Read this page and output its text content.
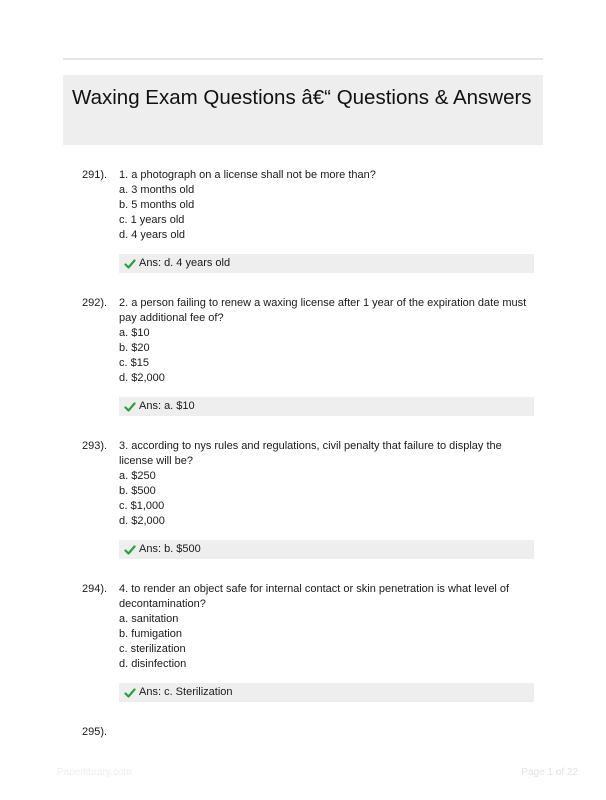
Waxing Exam Questions â€“ Questions & Answers
291). 1. a photograph on a license shall not be more than?

a. 3 months old

b. 5 months old

c. 1 years old

d. 4 years old

Ans: d. 4 years old
292). 2. a person failing to renew a waxing license after 1 year of the expiration date must pay additional fee of?

a. $10

b. $20

c. $15

d. $2,000

Ans: a. $10
293). 3. according to nys rules and regulations, civil penalty that failure to display the license will be?

a. $250

b. $500

c. $1,000

d. $2,000

Ans: b. $500
294). 4. to render an object safe for internal contact or skin penetration is what level of decontamination?

a. sanitation

b. fumigation

c. sterilization

d. disinfection

Ans: c. Sterilization
295).
Paperlibrary.com	Page 1 of 22
